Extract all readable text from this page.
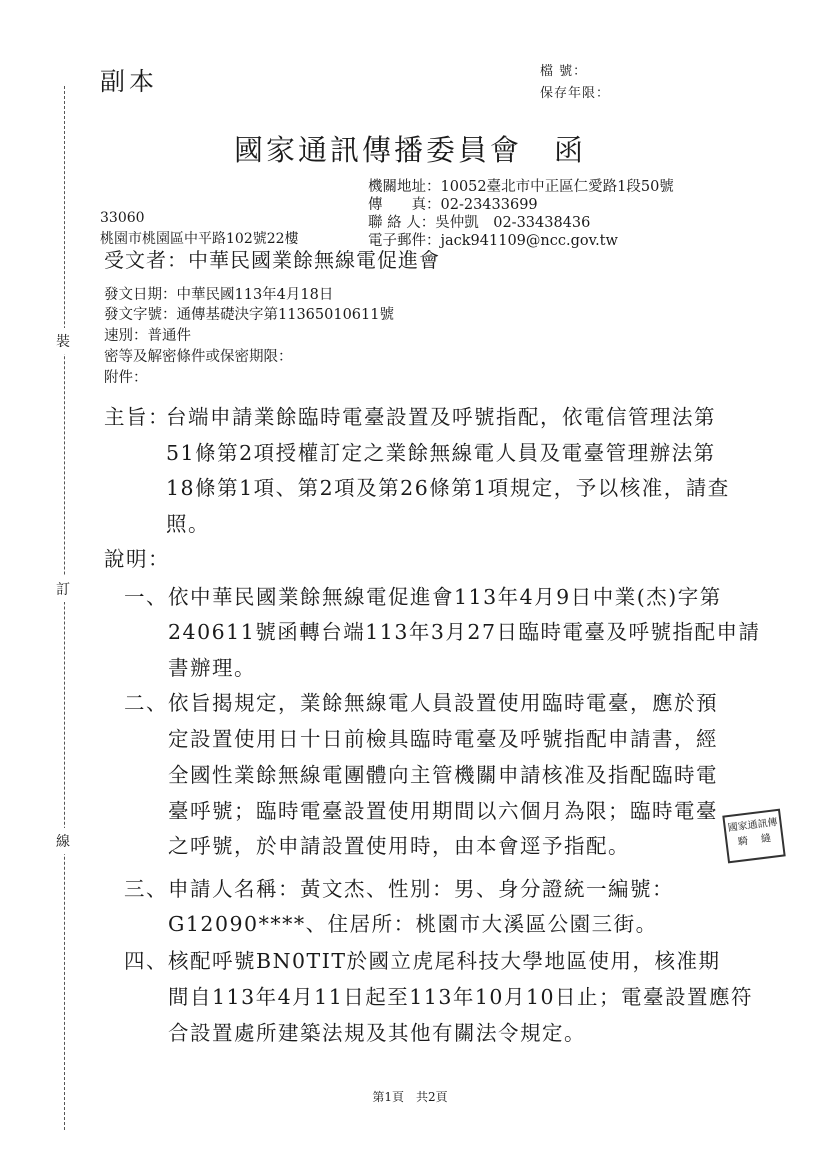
裝
訂
線
副本	檔 號：
保存年限：
國家通訊傳播委員會　函
機關地址：10052臺北市中正區仁愛路1段50號
傳　　真：02-23433699
聯 絡 人：吳仲凱　02-33438436
電子郵件：jack941109@ncc.gov.tw
33060
桃園市桃園區中平路102號22樓
受文者：中華民國業餘無線電促進會
發文日期：中華民國113年4月18日
發文字號：通傳基礎決字第11365010611號
速別：普通件
密等及解密條件或保密期限：
附件：
主旨：
台端申請業餘臨時電臺設置及呼號指配，依電信管理法第
51條第2項授權訂定之業餘無線電人員及電臺管理辦法第
18條第1項、第2項及第26條第1項規定，予以核准，請查
照。
說明：
一、 依中華民國業餘無線電促進會113年4月9日中業(杰)字第
240611號函轉台端113年3月27日臨時電臺及呼號指配申請
書辦理。
二、 依旨揭規定，業餘無線電人員設置使用臨時電臺，應於預
定設置使用日十日前檢具臨時電臺及呼號指配申請書，經
全國性業餘無線電團體向主管機關申請核准及指配臨時電
臺呼號；臨時電臺設置使用期間以六個月為限；臨時電臺
之呼號，於申請設置使用時，由本會逕予指配。
三、 申請人名稱：黃文杰、性別：男、身分證統一編號：
G12090****、住居所：桃園市大溪區公園三街。
四、 核配呼號BN0TIT於國立虎尾科技大學地區使用，核准期
間自113年4月11日起至113年10月10日止；電臺設置應符
合設置處所建築法規及其他有關法令規定。
國家通訊傳
騎　 縫
第1頁　共2頁
